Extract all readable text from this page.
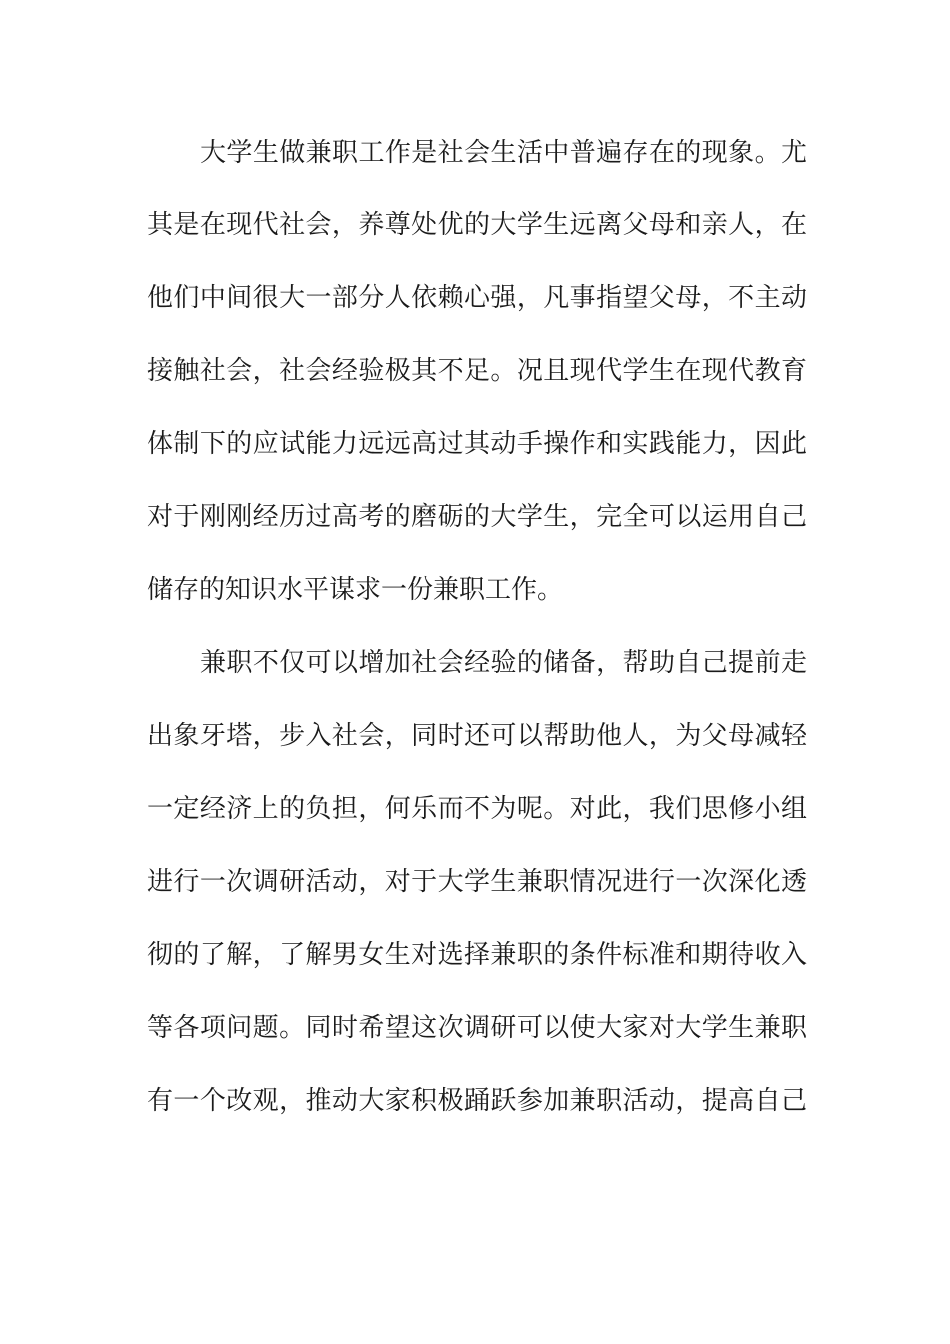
大学生做兼职工作是社会生活中普遍存在的现象。尤
其是在现代社会，养尊处优的大学生远离父母和亲人，在
他们中间很大一部分人依赖心强，凡事指望父母，不主动
接触社会，社会经验极其不足。况且现代学生在现代教育
体制下的应试能力远远高过其动手操作和实践能力，因此
对于刚刚经历过高考的磨砺的大学生，完全可以运用自己
储存的知识水平谋求一份兼职工作。
兼职不仅可以增加社会经验的储备，帮助自己提前走
出象牙塔，步入社会，同时还可以帮助他人，为父母减轻
一定经济上的负担，何乐而不为呢。对此，我们思修小组
进行一次调研活动，对于大学生兼职情况进行一次深化透
彻的了解，了解男女生对选择兼职的条件标准和期待收入
等各项问题。同时希望这次调研可以使大家对大学生兼职
有一个改观，推动大家积极踊跃参加兼职活动，提高自己
